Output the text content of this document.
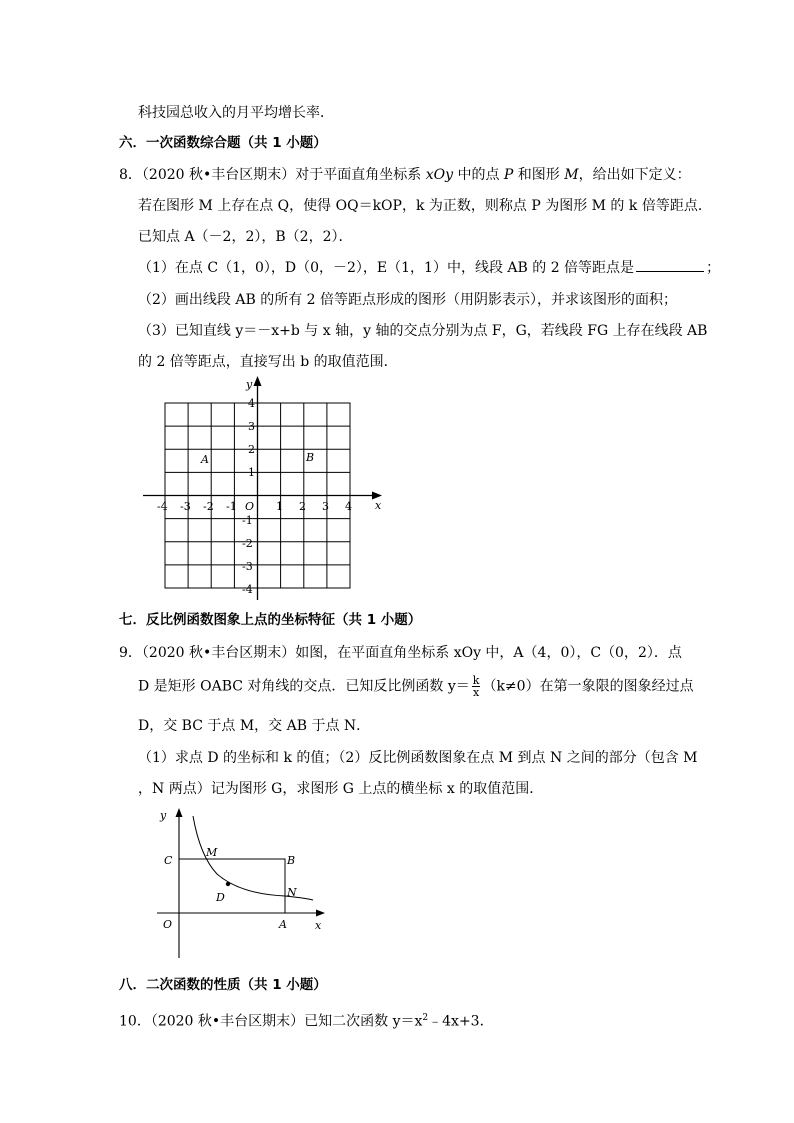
科技园总收入的月平均增长率．
六．一次函数综合题（共 1 小题）
8．（2020 秋•丰台区期末）对于平面直角坐标系 xOy 中的点 P 和图形 M，给出如下定义：
若在图形 M 上存在点 Q，使得 OQ＝kOP，k 为正数，则称点 P 为图形 M 的 k 倍等距点．
已知点 A（－2，2），B（2，2）．
（1）在点 C（1，0），D（0，－2），E（1，1）中，线段 AB 的 2 倍等距点是	；
（2）画出线段 AB 的所有 2 倍等距点形成的图形（用阴影表示），并求该图形的面积；
（3）已知直线 y＝－x+b 与 x 轴，y 轴的交点分别为点 F，G，若线段 FG 上存在线段 AB
的 2 倍等距点，直接写出 b 的取值范围．
x
y
O
-4 -3 -2 -1	1 2 3 4
4
3
2
1
-1
-2
-3
-4
A	B
七．反比例函数图象上点的坐标特征（共 1 小题）
9．（2020 秋•丰台区期末）如图，在平面直角坐标系 xOy 中，A（4，0），C（0，2）．点
D 是矩形 OABC 对角线的交点．已知反比例函数 $y= \frac{k}{x} (k\ne 0)$在第一象限的图象经过点
D，交 BC 于点 M，交 AB 于点 N．
（1）求点 D 的坐标和 k 的值；（2）反比例函数图象在点 M 到点 N 之间的部分（包含 M
，N 两点）记为图形 G，求图形 G 上点的横坐标 x 的取值范围．
y
x
O
C
M
B
D	N
A
八．二次函数的性质（共 1 小题）
10．（2020 秋•丰台区期末）已知二次函数 $y=x^2﹣4x+3$．
